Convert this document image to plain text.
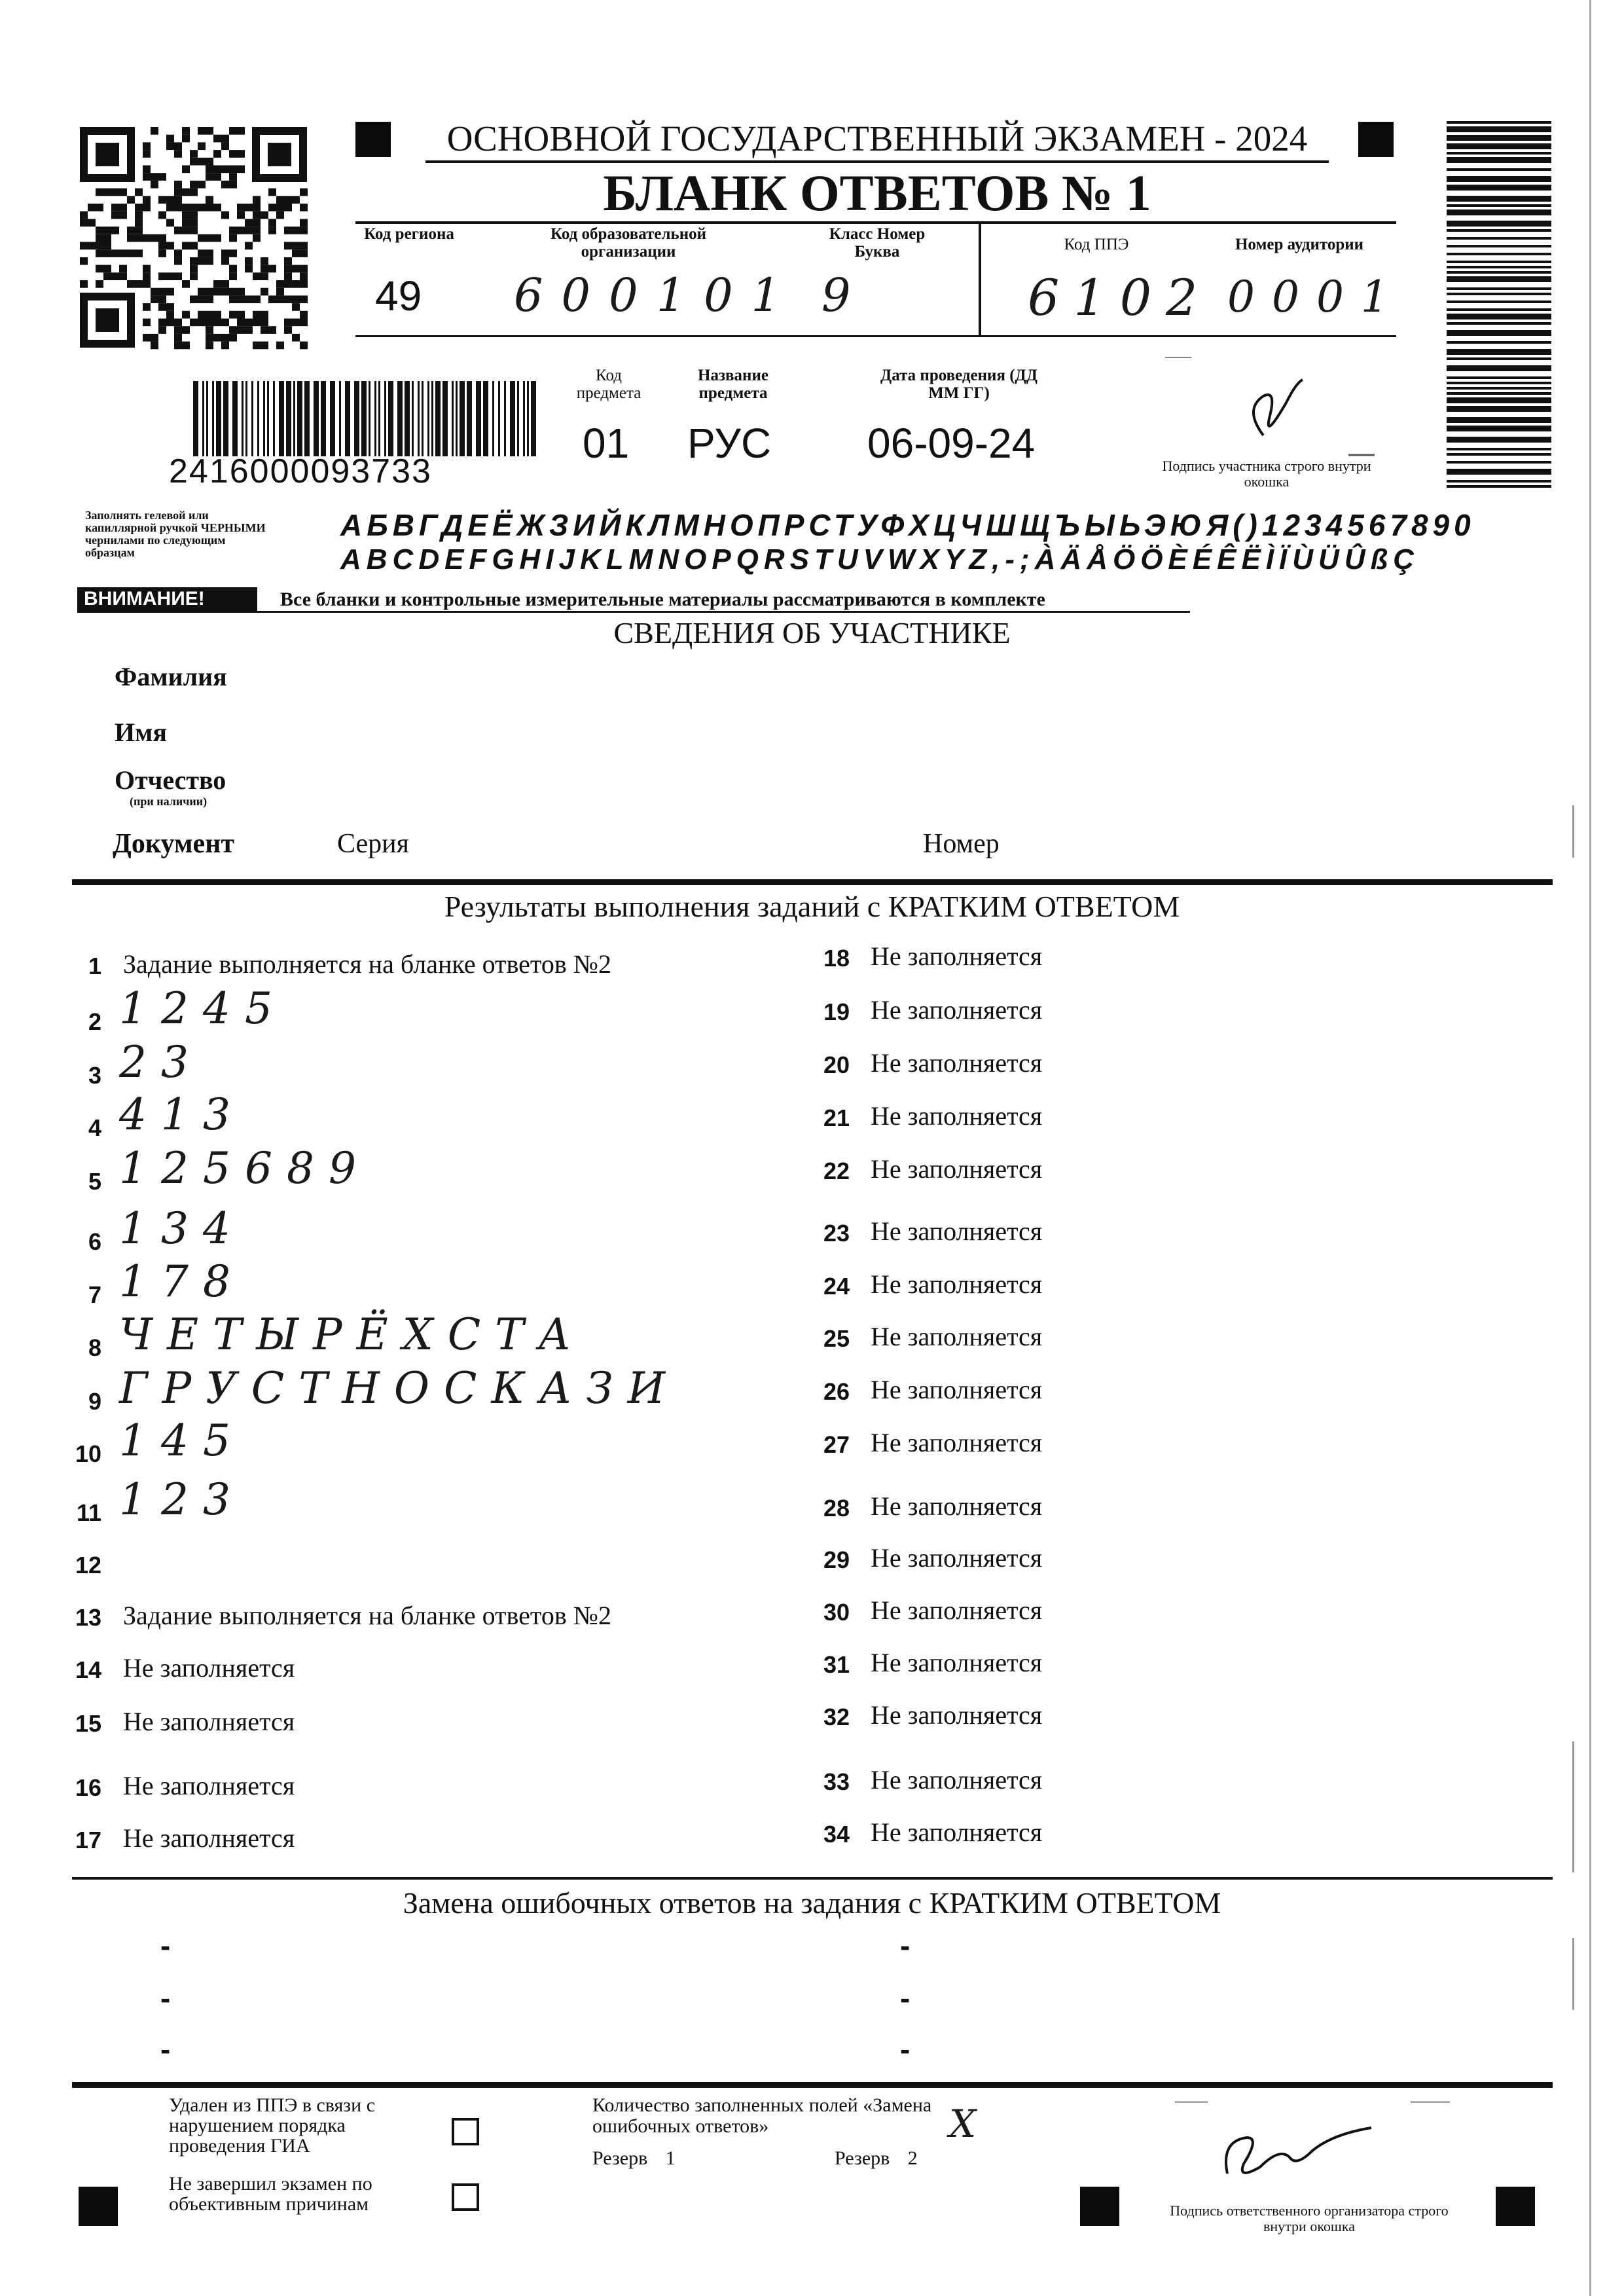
ОСНОВНОЙ ГОСУДАРСТВЕННЫЙ ЭКЗАМЕН - 2024
БЛАНК ОТВЕТОВ № 1
Код региона
49
Код образовательной организации
600101
Класс Номер Буква
9
Код ППЭ
6102
Номер аудитории
0001
2416000093733
Код предмета
01
Название предмета
РУС
Дата проведения (ДД ММ ГГ)
06-09-24	Подпись участника строго внутри окошка
Заполнять гелевой или капиллярной ручкой ЧЕРНЫМИ чернилами по следующим образцам
АБВГДЕЁЖЗИЙКЛМНОПРСТУФХЦЧШЩЪЫЬЭЮЯ()1234567890
ABCDEFGHIJKLMNOPQRSTUVWXYZ,-;ÀÄÅÖÖÈÉÊËÌÏÙÜÛßÇ
ВНИМАНИЕ!	Все бланки и контрольные измерительные материалы рассматриваются в комплекте
СВЕДЕНИЯ ОБ УЧАСТНИКЕ
Фамилия
Имя
Отчество
(при наличии)
Документ	Серия	Номер
Результаты выполнения заданий с КРАТКИМ ОТВЕТОМ
1 Задание выполняется на бланке ответов №2
2 1245
3 23
4 413
5 125689
6 134
7 178
8 ЧЕТЫРЁХСТА
9 ГРУСТНОСКАЗИ
10 145
11 123
12
13 Задание выполняется на бланке ответов №2
14 Не заполняется
15 Не заполняется
16 Не заполняется
17 Не заполняется
18 Не заполняется
19 Не заполняется
20 Не заполняется
21 Не заполняется
22 Не заполняется
23 Не заполняется
24 Не заполняется
25 Не заполняется
26 Не заполняется
27 Не заполняется
28 Не заполняется
29 Не заполняется
30 Не заполняется
31 Не заполняется
32 Не заполняется
33 Не заполняется
34 Не заполняется
Замена ошибочных ответов на задания с КРАТКИМ ОТВЕТОМ
-
-
-
-
-
-
Удален из ППЭ в связи с нарушением порядка проведения ГИА
Не завершил экзамен по объективным причинам
Количество заполненных полей «Замена ошибочных ответов»	Х
Резерв 1	Резерв 2
Подпись ответственного организатора строго внутри окошка
